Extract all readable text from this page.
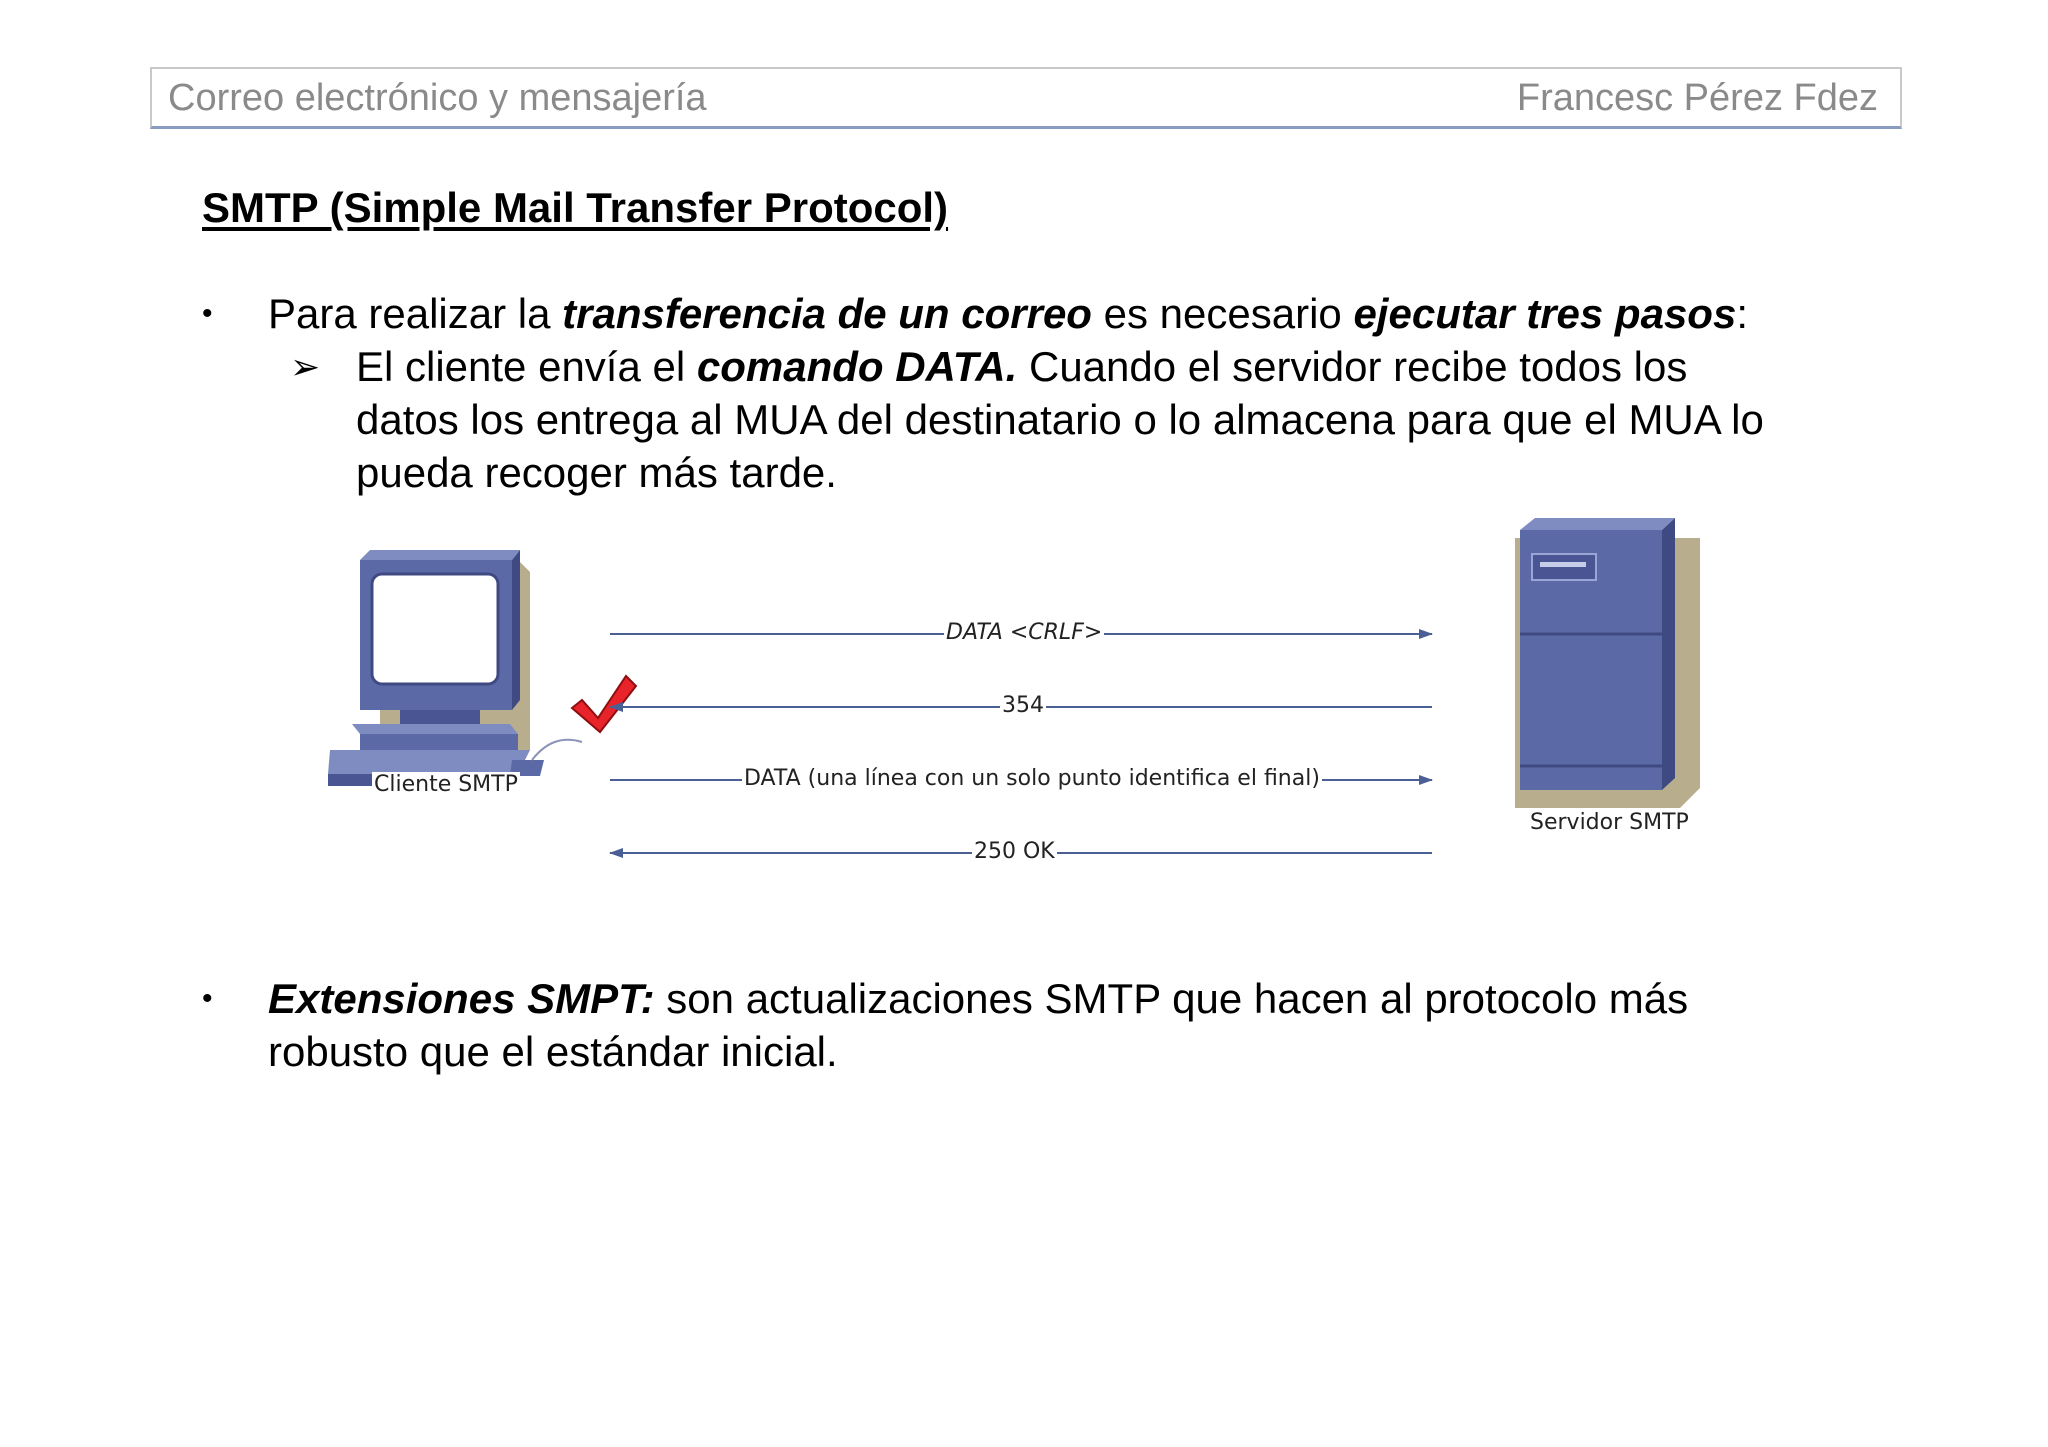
Correo electrónico y mensajería	Francesc Pérez Fdez
SMTP (Simple Mail Transfer Protocol)
• Para realizar la transferencia de un correo es necesario ejecutar tres pasos:
➢ El cliente envía el comando DATA. Cuando el servidor recibe todos los
datos los entrega al MUA del destinatario o lo almacena para que el MUA lo
pueda recoger más tarde.
DATA <CRLF>
354
DATA (una línea con un solo punto identifica el final)
250 OK
Cliente SMTP
Servidor SMTP
• Extensiones SMPT: son actualizaciones SMTP que hacen al protocolo más
robusto que el estándar inicial.
